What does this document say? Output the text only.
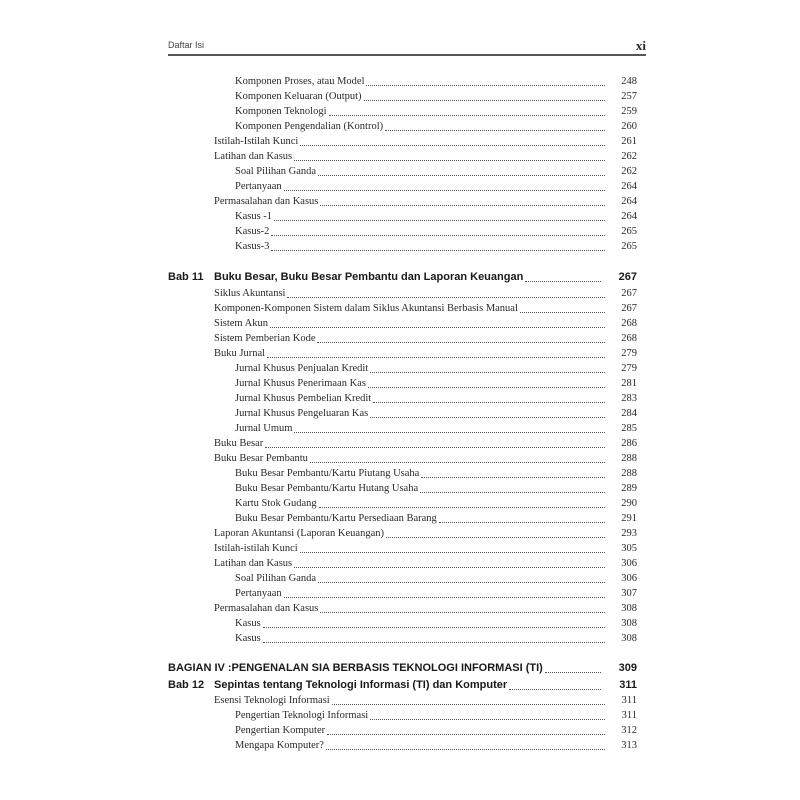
Daftar Isi	xi
Komponen Proses, atau Model	248
Komponen Keluaran (Output)	257
Komponen Teknologi	259
Komponen Pengendalian (Kontrol)	260
Istilah-Istilah Kunci	261
Latihan dan Kasus	262
Soal Pilihan Ganda	262
Pertanyaan	264
Permasalahan dan Kasus	264
Kasus -1	264
Kasus-2	265
Kasus-3	265
Bab 11 Buku Besar, Buku Besar Pembantu dan Laporan Keuangan	267
Siklus Akuntansi	267
Komponen-Komponen Sistem dalam Siklus Akuntansi Berbasis Manual	267
Sistem Akun	268
Sistem Pemberian Kode	268
Buku Jurnal	279
Jurnal Khusus Penjualan Kredit	279
Jurnal Khusus Penerimaan Kas	281
Jurnal Khusus Pembelian Kredit	283
Jurnal Khusus Pengeluaran Kas	284
Jurnal Umum	285
Buku Besar	286
Buku Besar Pembantu	288
Buku Besar Pembantu/Kartu Piutang Usaha	288
Buku Besar Pembantu/Kartu Hutang Usaha	289
Kartu Stok Gudang	290
Buku Besar Pembantu/Kartu Persediaan Barang	291
Laporan Akuntansi (Laporan Keuangan)	293
Istilah-istilah Kunci	305
Latihan dan Kasus	306
Soal Pilihan Ganda	306
Pertanyaan	307
Permasalahan dan Kasus	308
Kasus	308
Kasus	308
BAGIAN IV :PENGENALAN SIA BERBASIS TEKNOLOGI INFORMASI (TI)	309
Bab 12 Sepintas tentang Teknologi Informasi (TI) dan Komputer	311
Esensi Teknologi Informasi	311
Pengertian Teknologi Informasi	311
Pengertian Komputer	312
Mengapa Komputer?	313
